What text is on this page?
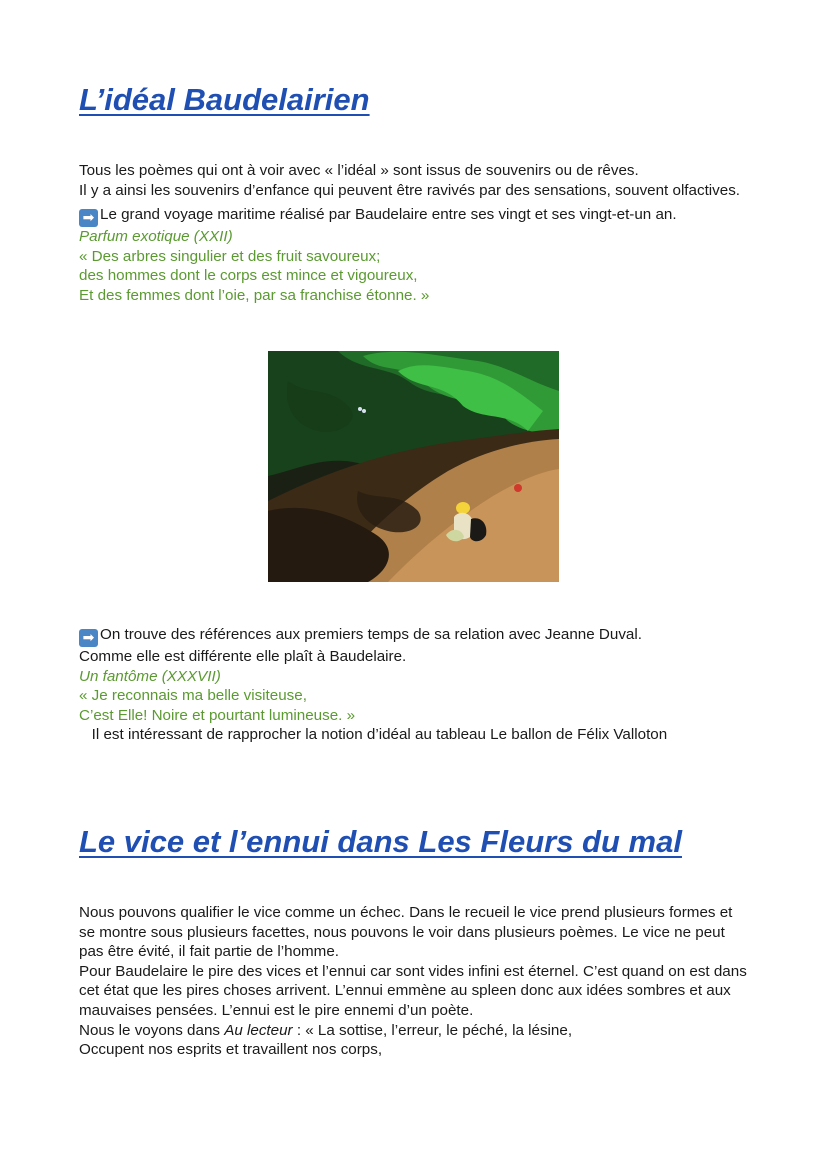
L’idéal Baudelairien

Tous les poèmes qui ont à voir avec « l’idéal » sont issus de souvenirs ou de rêves.

Il y a ainsi les souvenirs d’enfance qui peuvent être ravivés par des sensations, souvent olfactives.

➡ Le grand voyage maritime réalisé par Baudelaire entre ses vingt et ses vingt-et-un an.

Parfum exotique (XXII)

« Des arbres singulier et des fruit savoureux;

des hommes dont le corps est mince et vigoureux,

Et des femmes dont l’oie, par sa franchise étonne. »

➡ On trouve des références aux premiers temps de sa relation avec Jeanne Duval.

Comme elle est différente elle plaît à Baudelaire.

Un fantôme (XXXVII)

« Je reconnais ma belle visiteuse,

C’est Elle! Noire et pourtant lumineuse. »

Il est intéressant de rapprocher la notion d’idéal au tableau Le ballon de Félix Valloton

Le vice et l’ennui dans Les Fleurs du mal

Nous pouvons qualifier le vice comme un échec. Dans le recueil le vice prend plusieurs formes et se montre sous plusieurs facettes, nous pouvons le voir dans plusieurs poèmes. Le vice ne peut pas être évité, il fait partie de l’homme.

Pour Baudelaire le pire des vices et l’ennui car sont vides infini est éternel. C’est quand on est dans cet état que les pires choses arrivent. L’ennui emmène au spleen donc aux idées sombres et aux mauvaises pensées. L’ennui est le pire ennemi d’un poète.

Nous le voyons dans Au lecteur : « La sottise, l’erreur, le péché, la lésine,

Occupent nos esprits et travaillent nos corps,
